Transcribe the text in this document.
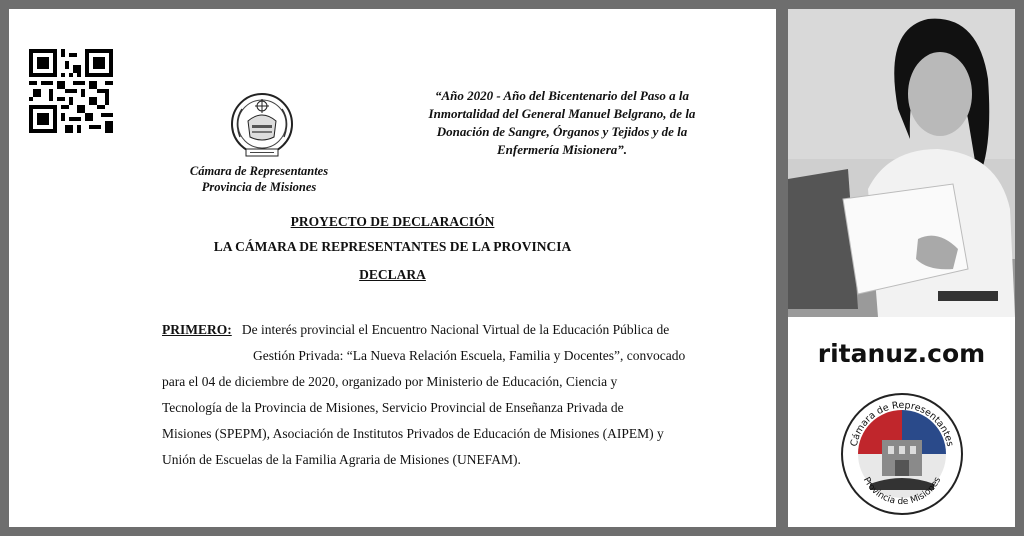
Cámara de Representantes
Provincia de Misiones
“Año 2020 - Año del Bicentenario del Paso a la
Inmortalidad del General Manuel Belgrano, de la
Donación de Sangre, Órganos y Tejidos y de la
Enfermería Misionera”.
PROYECTO DE DECLARACIÓN
LA CÁMARA DE REPRESENTANTES DE LA PROVINCIA
DECLARA
PRIMERO: De interés provincial el Encuentro Nacional Virtual de la Educación Pública de
Gestión Privada: “La Nueva Relación Escuela, Familia y Docentes”, convocado
para el 04 de diciembre de 2020, organizado por Ministerio de Educación, Ciencia y
Tecnología de la Provincia de Misiones, Servicio Provincial de Enseñanza Privada de
Misiones (SPEPM), Asociación de Institutos Privados de Educación de Misiones (AIPEM) y
Unión de Escuelas de la Familia Agraria de Misiones (UNEFAM).
ritanuz.com
Cámara de Representantes
Provincia de Misiones
